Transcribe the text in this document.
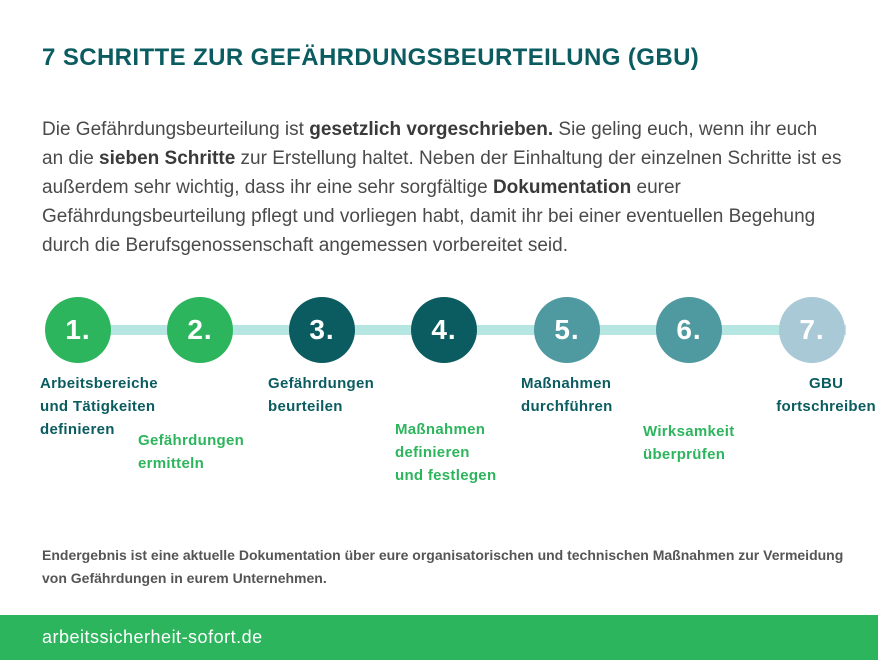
7 SCHRITTE ZUR GEFÄHRDUNGSBEURTEILUNG (GBU)

Die Gefährdungsbeurteilung ist gesetzlich vorgeschrieben. Sie geling euch, wenn ihr euch an die sieben Schritte zur Erstellung haltet. Neben der Einhaltung der einzelnen Schritte ist es außerdem sehr wichtig, dass ihr eine sehr sorgfältige Dokumentation eurer Gefährdungsbeurteilung pflegt und vorliegen habt, damit ihr bei einer eventuellen Begehung durch die Berufsgenossenschaft angemessen vorbereitet seid.

1.	2.	3.	4.	5.	6.	7.
Arbeitsbereiche
und Tätigkeiten
definieren
Gefährdungen
ermitteln
Gefährdungen
beurteilen
Maßnahmen
definieren
und festlegen
Maßnahmen
durchführen
Wirksamkeit
überprüfen
GBU
fortschreiben

Endergebnis ist eine aktuelle Dokumentation über eure organisatorischen und technischen Maßnahmen zur Vermeidung von Gefährdungen in eurem Unternehmen.

arbeitssicherheit-sofort.de
